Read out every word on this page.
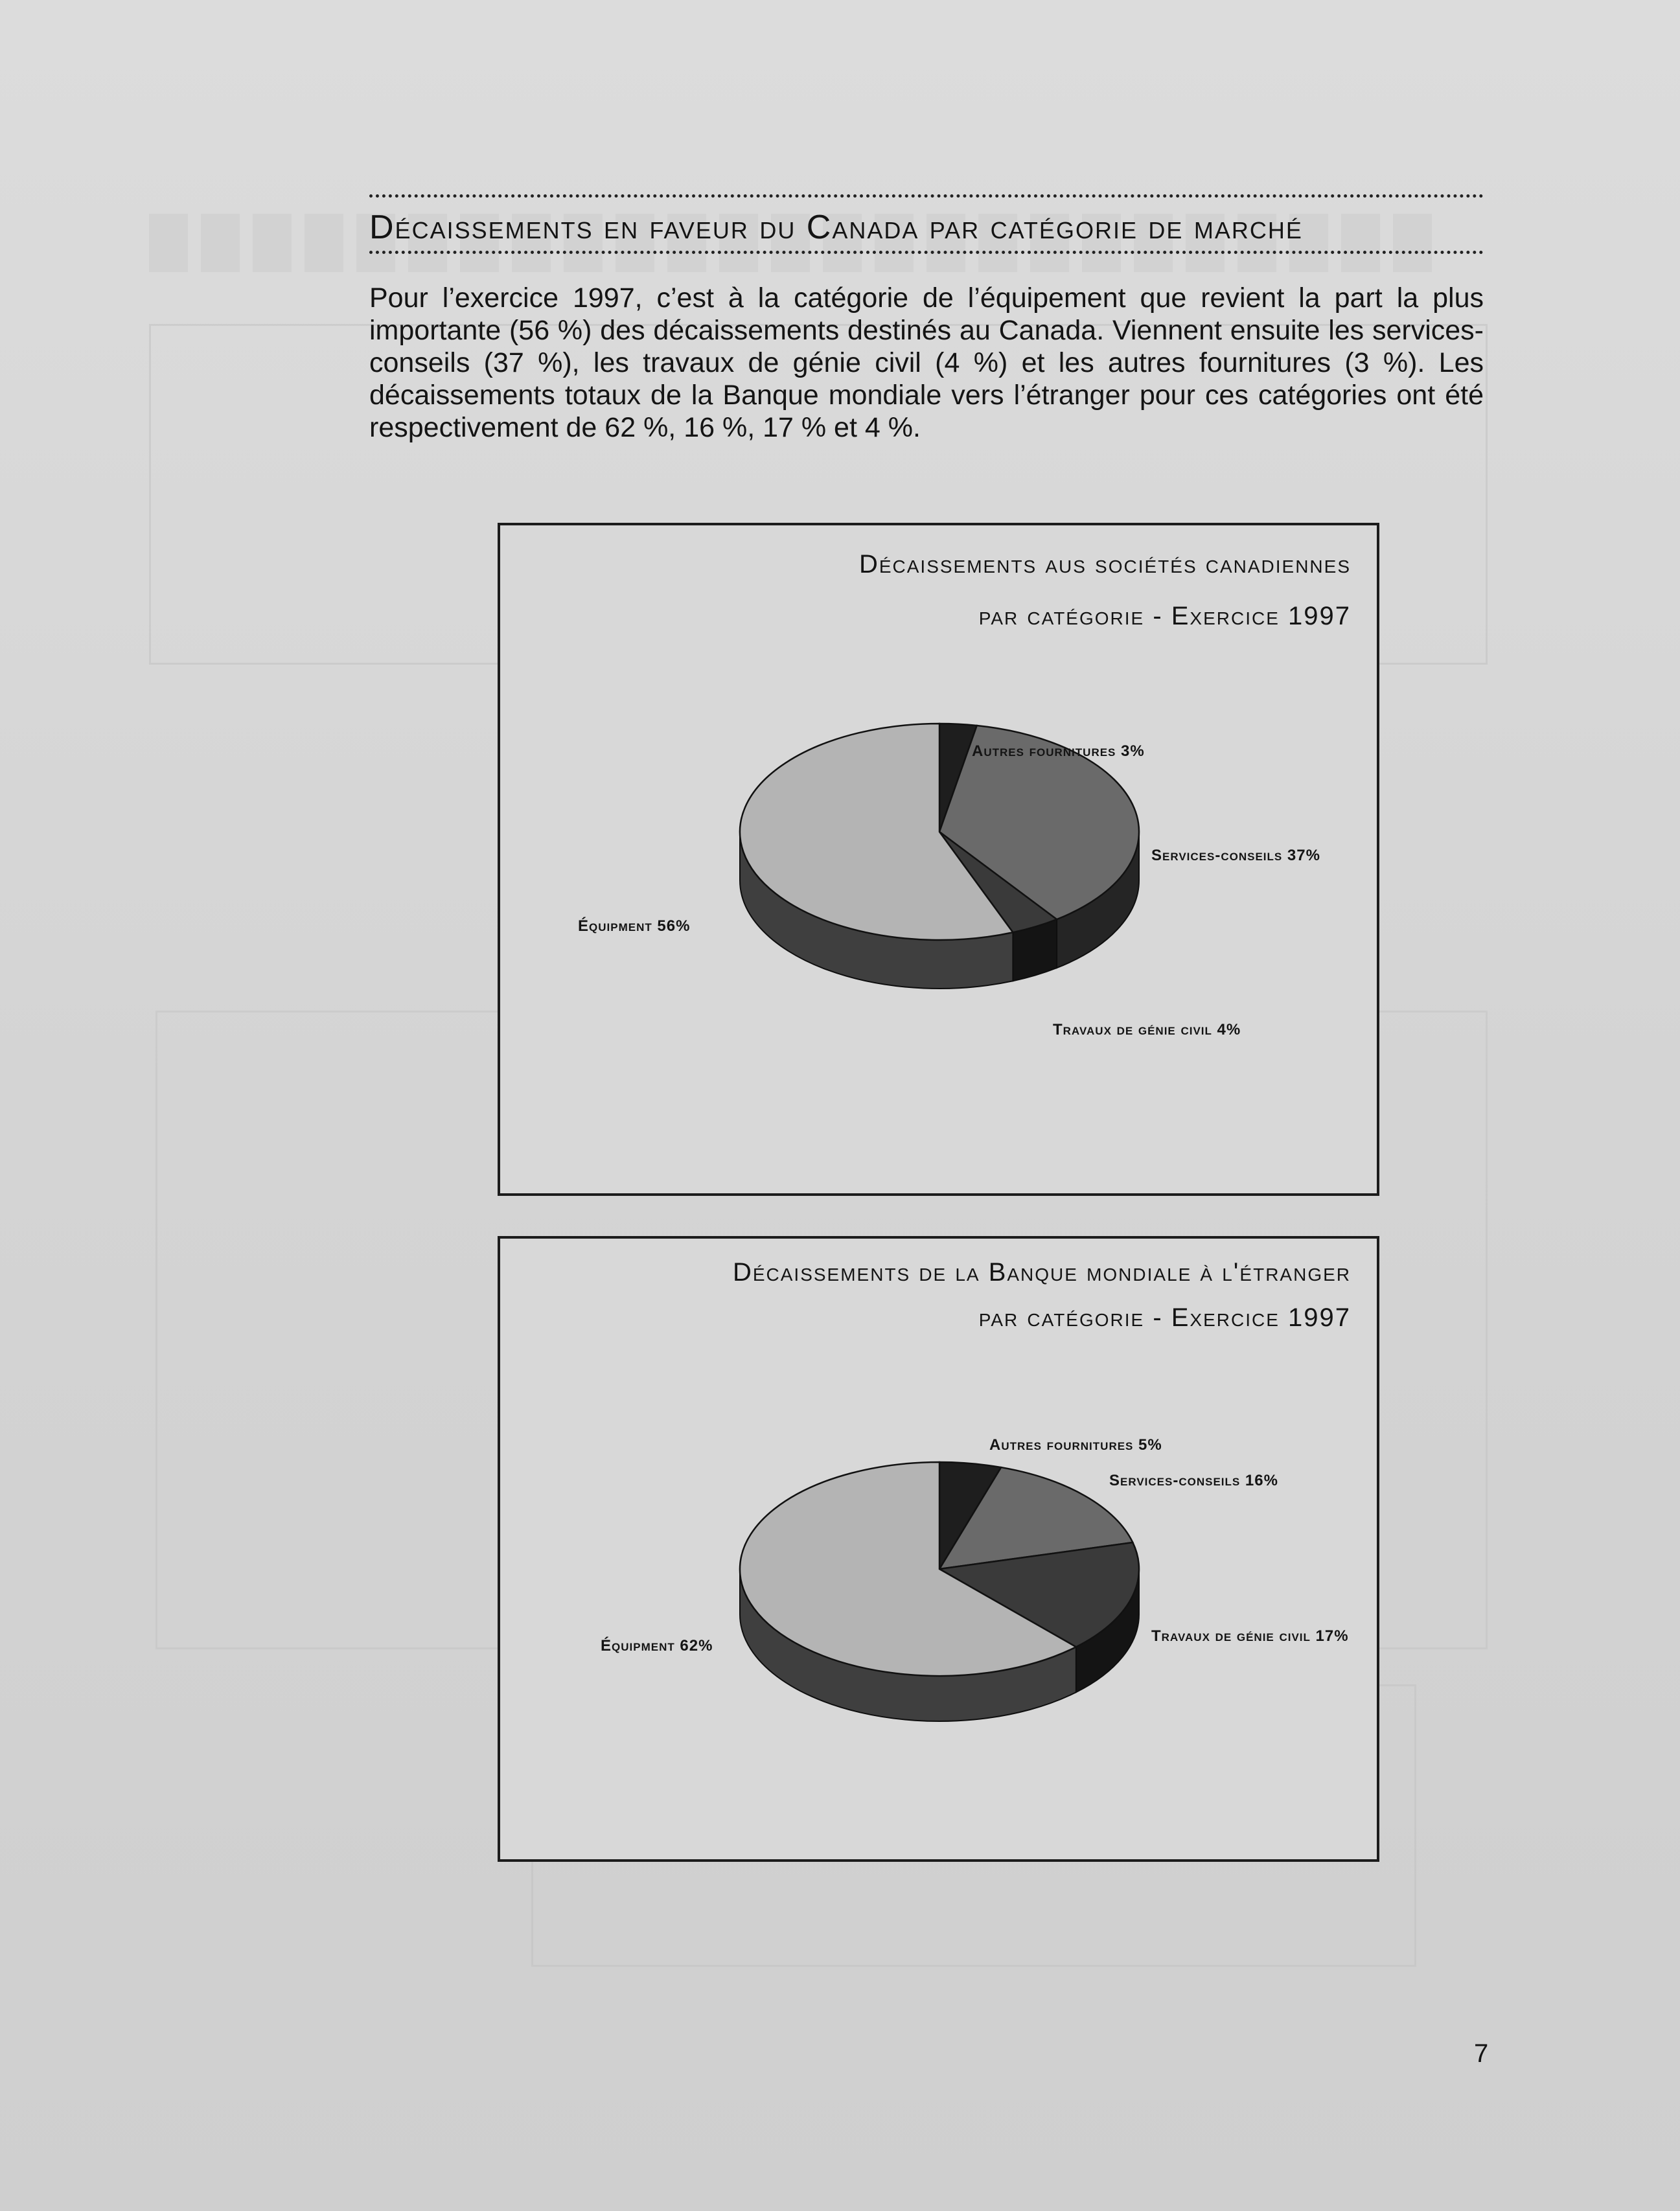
Décaissements en faveur du Canada par catégorie de marché

Pour l’exercice 1997, c’est à la catégorie de l’équipement que revient la part la plus importante (56 %) des décaissements destinés au Canada. Viennent ensuite les services-conseils (37 %), les travaux de génie civil (4 %) et les autres fournitures (3 %). Les décaissements totaux de la Banque mondiale vers l’étranger pour ces catégories ont été respectivement de 62 %, 16 %, 17 % et 4 %.

Décaissements aus sociétés canadiennes
par catégorie - Exercice 1997
Autres fournitures 3%
Services-conseils 37%
Travaux de génie civil 4%
Équipment 56%
Décaissements de la Banque mondiale à l'étranger
par catégorie - Exercice 1997
Autres fournitures 5%
Services-conseils 16%
Travaux de génie civil 17%
Équipment 62%
7
